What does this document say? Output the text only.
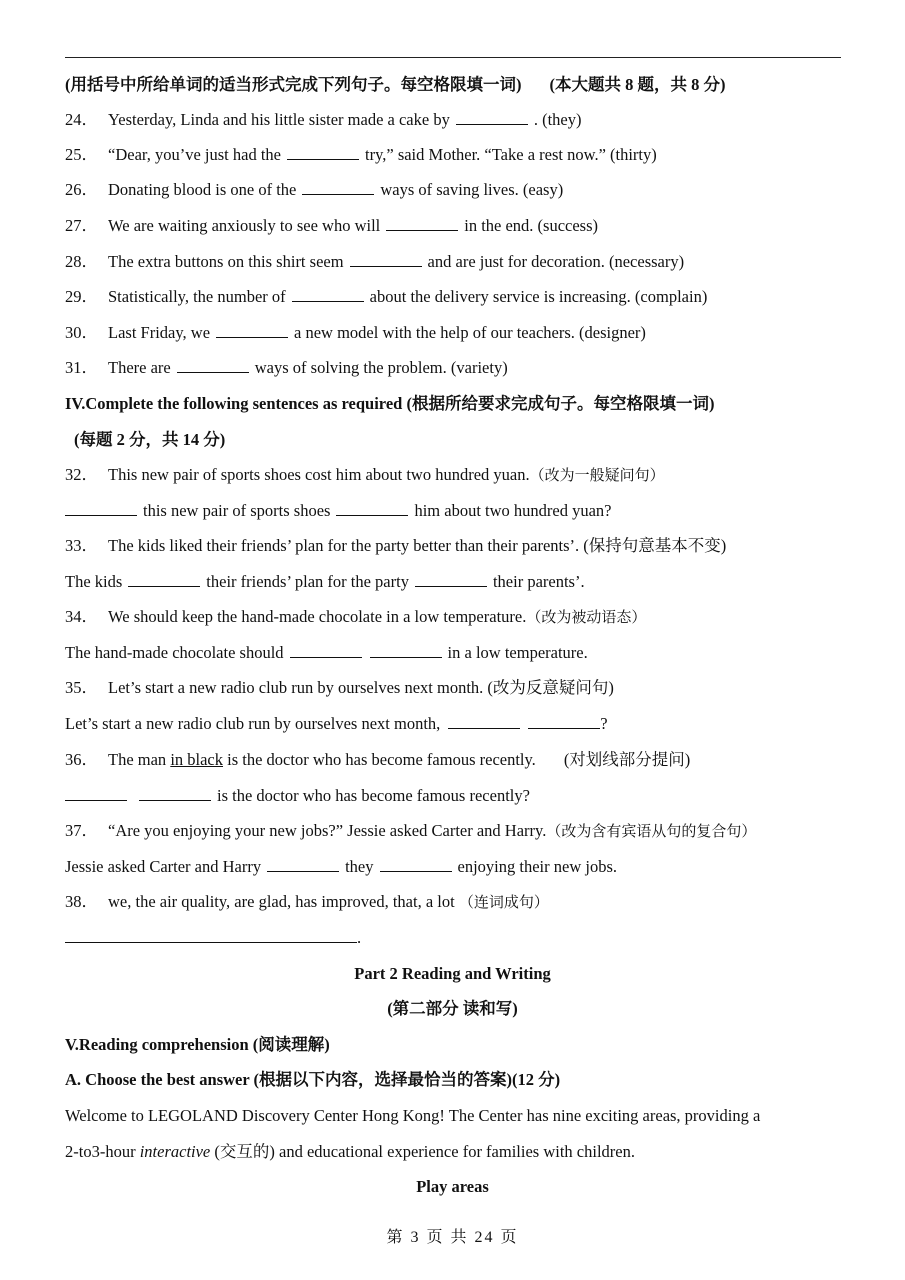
(用括号中所给单词的适当形式完成下列句子。每空格限填一词) (本大题共 8 题，共 8 分)
24． Yesterday, Linda and his little sister made a cake by	. (they)
25． “Dear, you’ve just had the	try,” said Mother. “Take a rest now.” (thirty)
26． Donating blood is one of the	ways of saving lives. (easy)
27． We are waiting anxiously to see who will	in the end. (success)
28． The extra buttons on this shirt seem	and are just for decoration. (necessary)
29． Statistically, the number of	about the delivery service is increasing. (complain)
30． Last Friday, we	a new model with the help of our teachers. (designer)
31． There are	ways of solving the problem. (variety)
IV.Complete the following sentences as required (根据所给要求完成句子。每空格限填一词)
(每题 2 分，共 14 分)
32． This new pair of sports shoes cost him about two hundred yuan.（改为一般疑问句）
this new pair of sports shoes	him about two hundred yuan?
33． The kids liked their friends’ plan for the party better than their parents’. (保持句意基本不变)
The kids	their friends’ plan for the party	their parents’.
34． We should keep the hand-made chocolate in a low temperature.（改为被动语态）
The hand-made chocolate should	in a low temperature.
35． Let’s start a new radio club run by ourselves next month. (改为反意疑问句)
Let’s start a new radio club run by ourselves next month,	?
36． The man in black is the doctor who has become famous recently. (对划线部分提问)
is the doctor who has become famous recently?
37． “Are you enjoying your new jobs?” Jessie asked Carter and Harry.（改为含有宾语从句的复合句）
Jessie asked Carter and Harry	they	enjoying their new jobs.
38． we, the air quality, are glad, has improved, that, a lot （连词成句）
.
Part 2 Reading and Writing
(第二部分 读和写)
V.Reading comprehension (阅读理解)
A. Choose the best answer (根据以下内容，选择最恰当的答案)(12 分)
Welcome to LEGOLAND Discovery Center Hong Kong! The Center has nine exciting areas, providing a
2-to3-hour interactive (交互的) and educational experience for families with children.
Play areas
第 3 页 共 24 页
